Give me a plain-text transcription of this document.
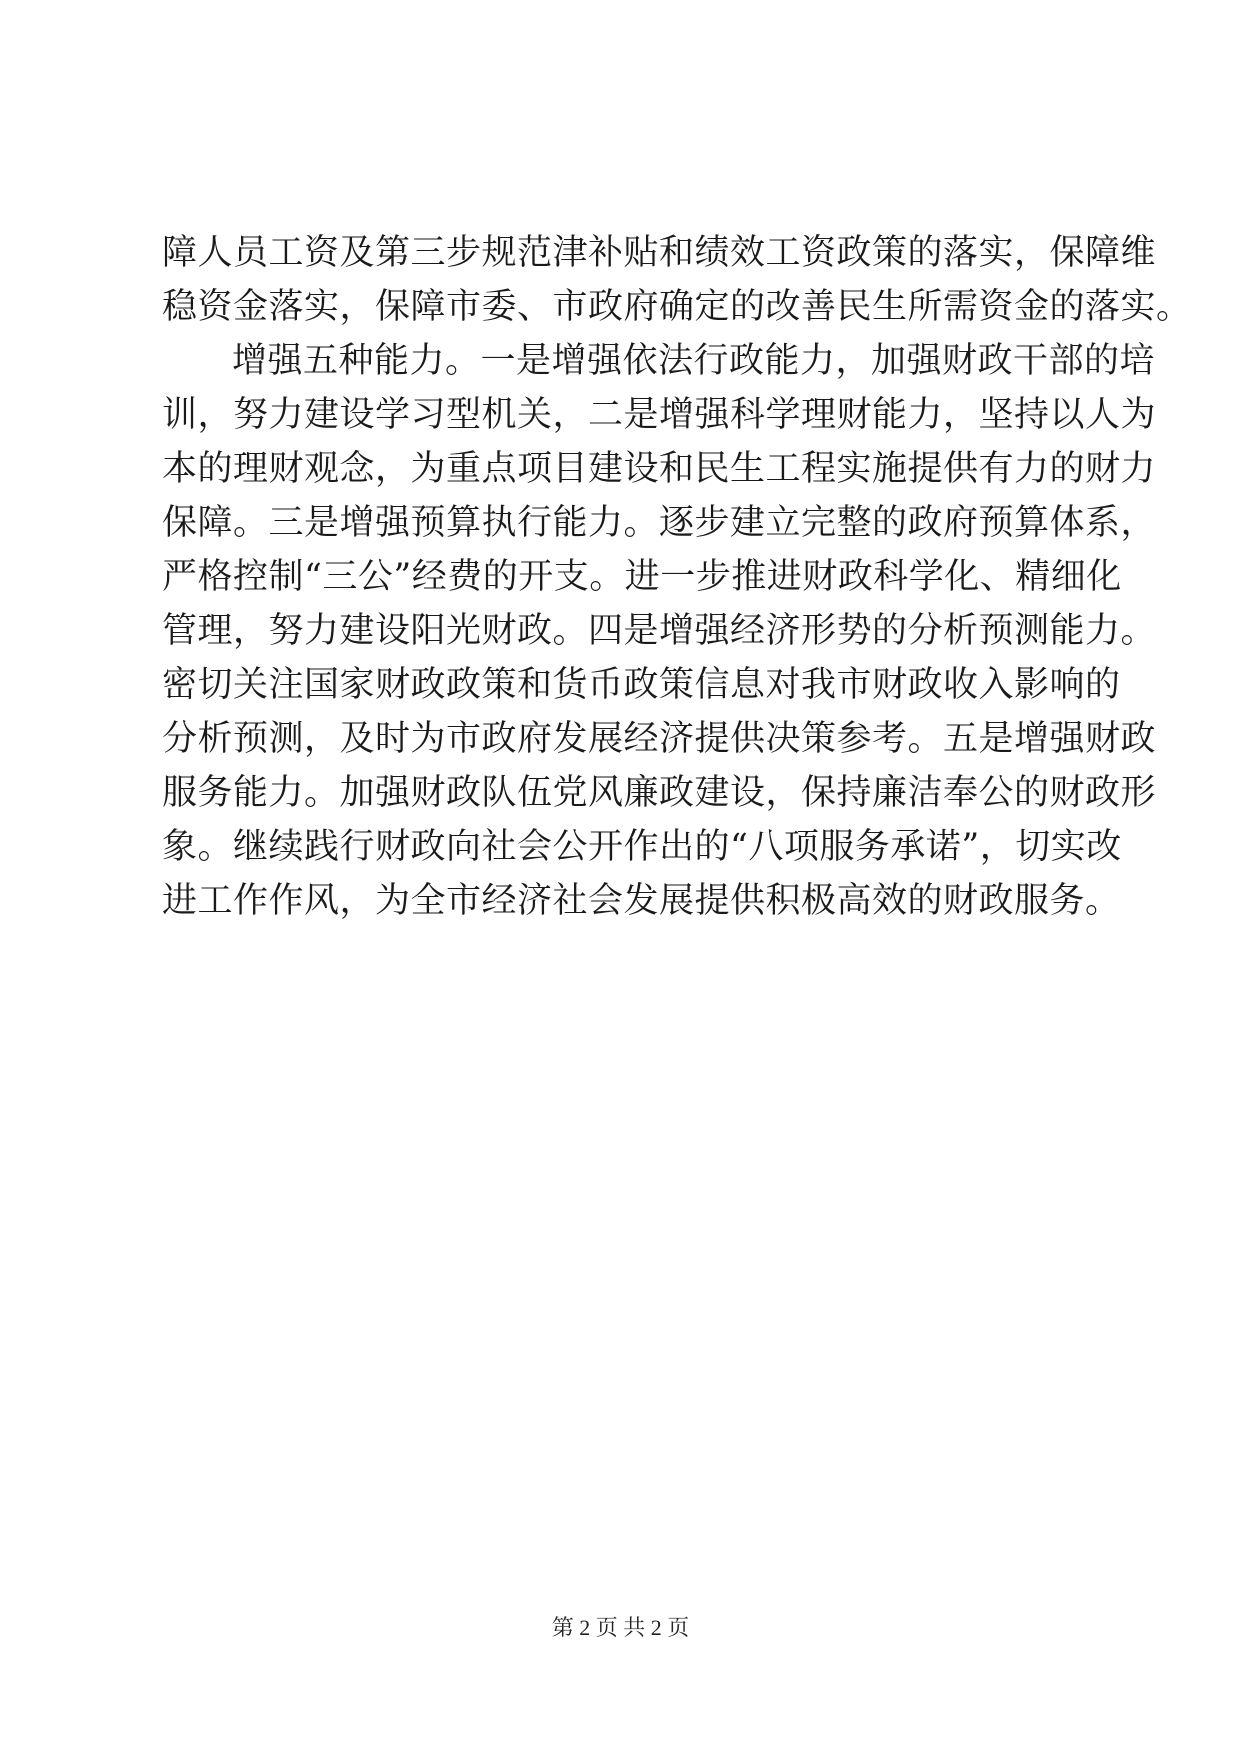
障人员工资及第三步规范津补贴和绩效工资政策的落实，保障维
稳资金落实，保障市委、市政府确定的改善民生所需资金的落实。
增强五种能力。一是增强依法行政能力，加强财政干部的培
训，努力建设学习型机关，二是增强科学理财能力，坚持以人为
本的理财观念，为重点项目建设和民生工程实施提供有力的财力
保障。三是增强预算执行能力。逐步建立完整的政府预算体系，
严格控制“三公”经费的开支。进一步推进财政科学化、精细化
管理，努力建设阳光财政。四是增强经济形势的分析预测能力。
密切关注国家财政政策和货币政策信息对我市财政收入影响的
分析预测，及时为市政府发展经济提供决策参考。五是增强财政
服务能力。加强财政队伍党风廉政建设，保持廉洁奉公的财政形
象。继续践行财政向社会公开作出的“八项服务承诺”，切实改
进工作作风，为全市经济社会发展提供积极高效的财政服务。
第 2 页 共 2 页
